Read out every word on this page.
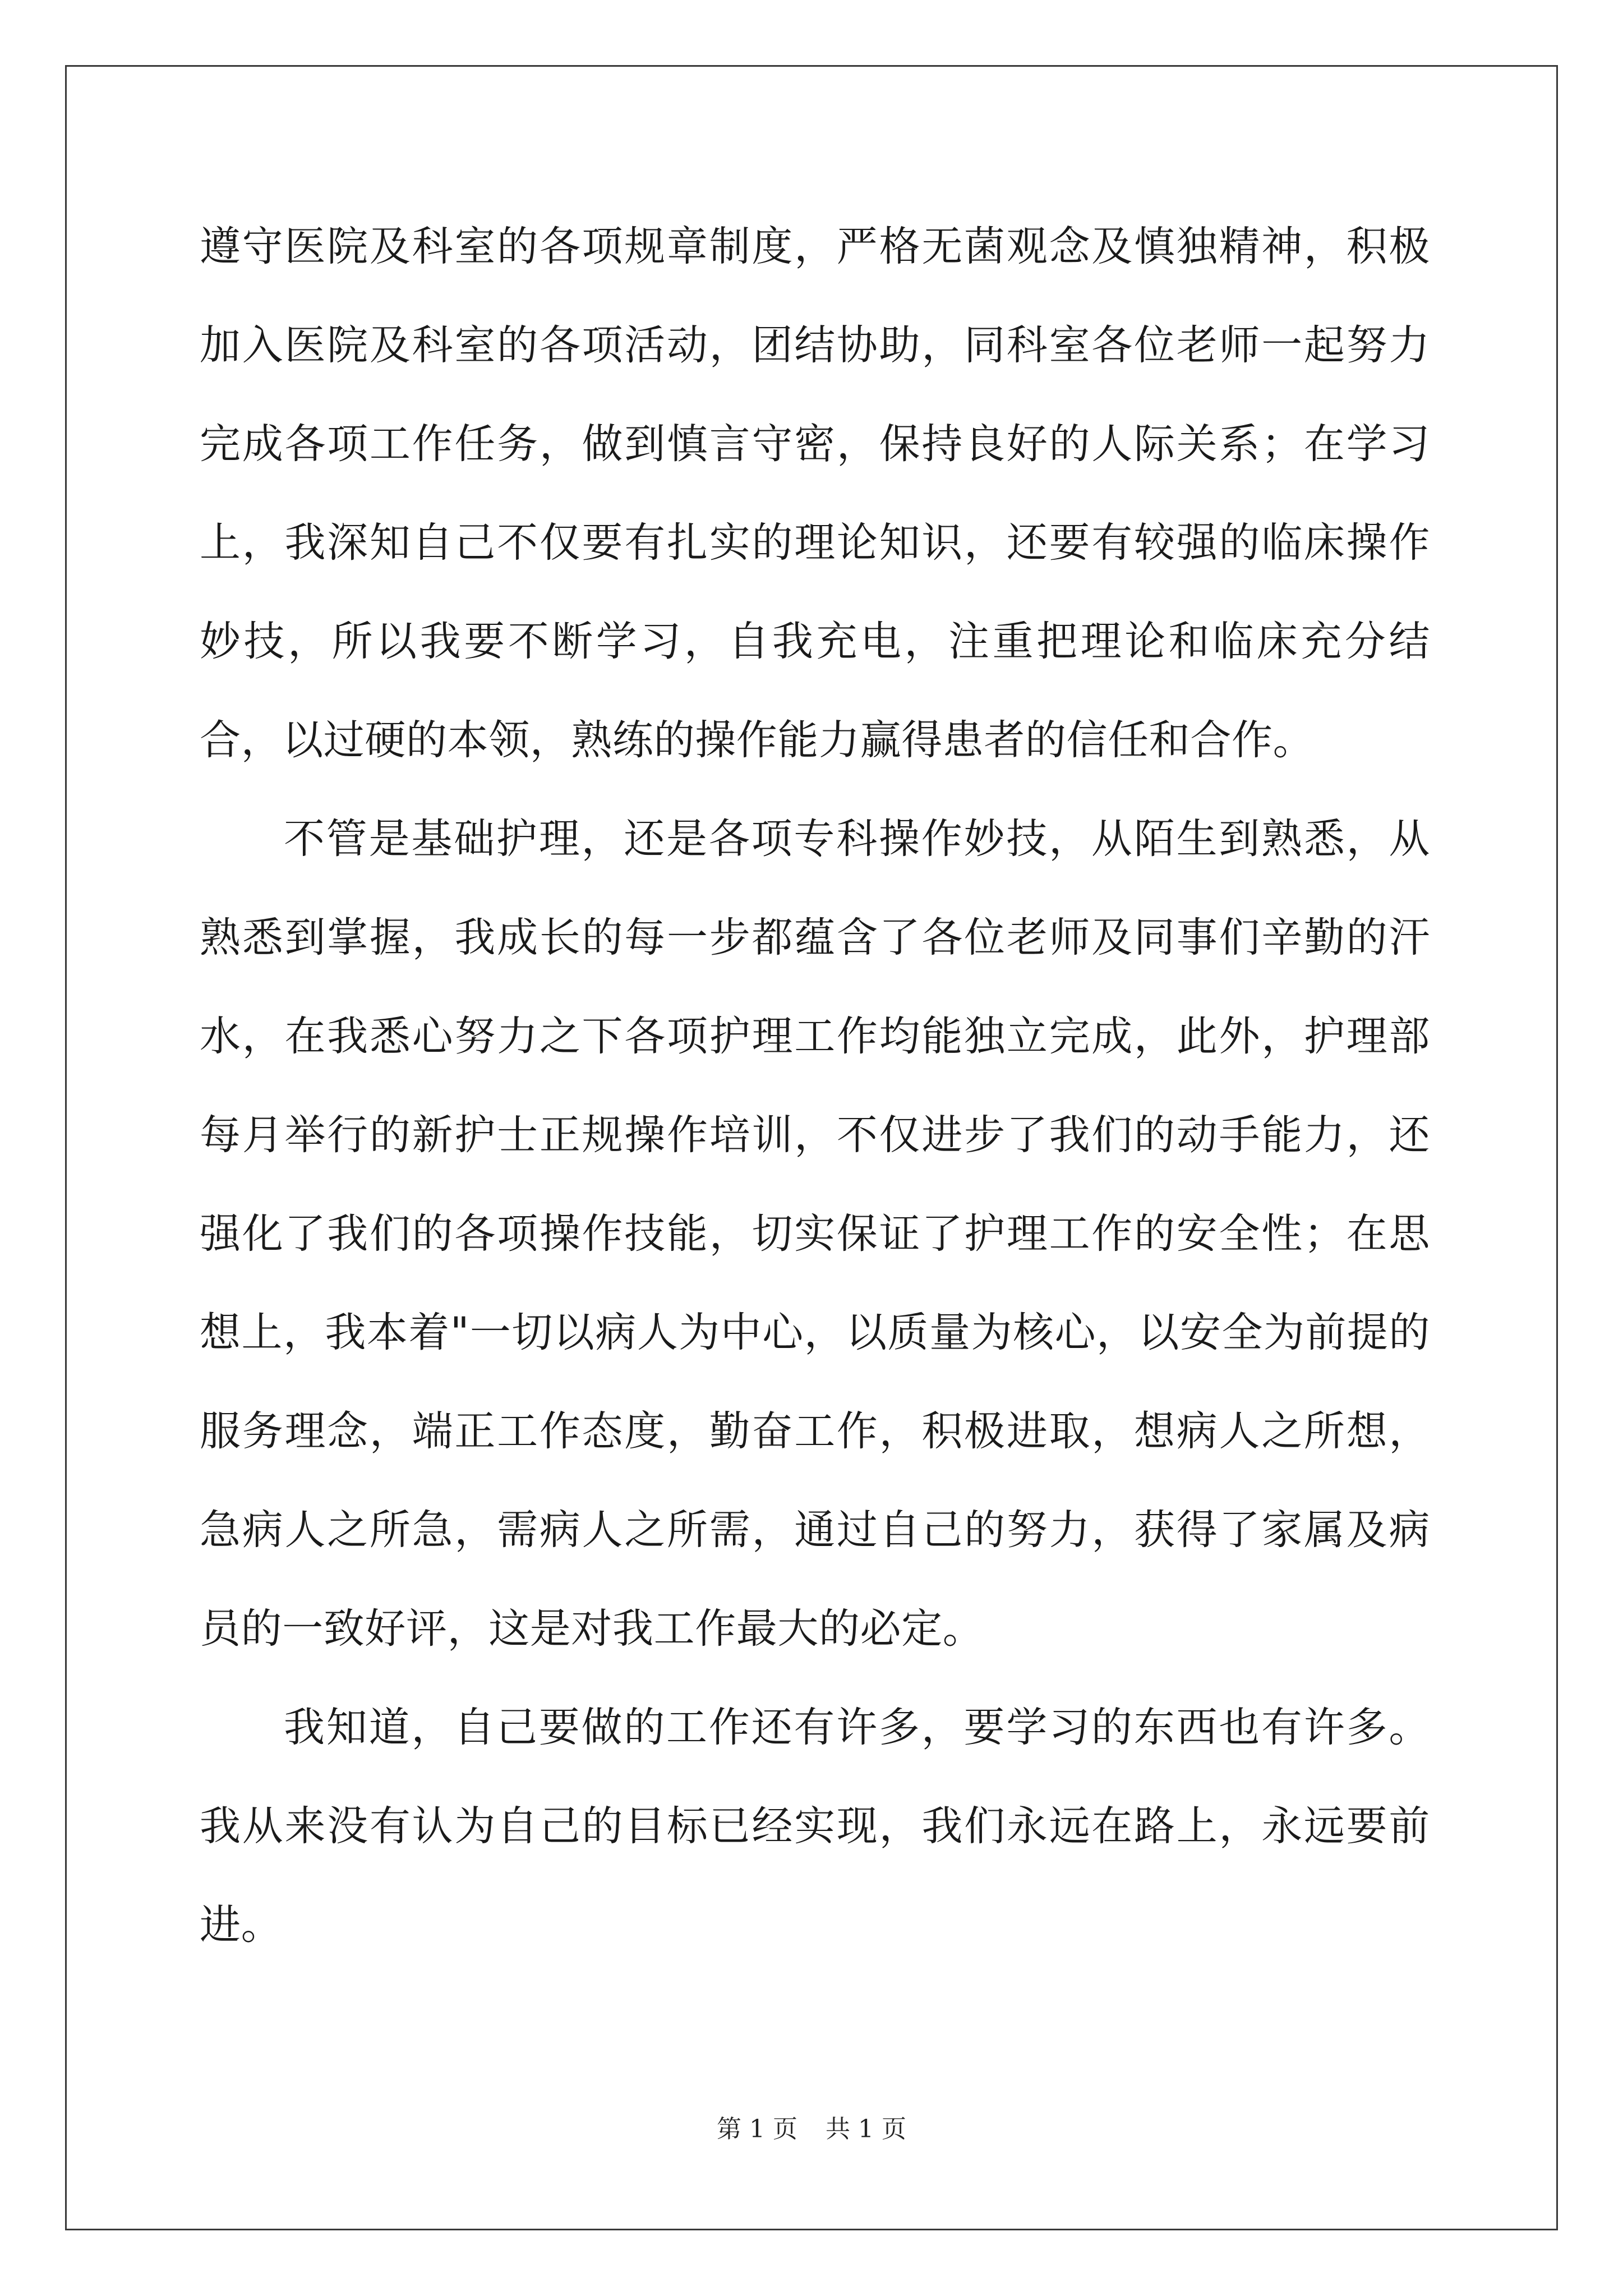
遵守医院及科室的各项规章制度，严格无菌观念及慎独精神，积极加入医院及科室的各项活动，团结协助，同科室各位老师一起努力完成各项工作任务，做到慎言守密，保持良好的人际关系；在学习上，我深知自己不仅要有扎实的理论知识，还要有较强的临床操作妙技，所以我要不断学习，自我充电，注重把理论和临床充分结合，以过硬的本领，熟练的操作能力赢得患者的信任和合作。

不管是基础护理，还是各项专科操作妙技，从陌生到熟悉，从熟悉到掌握，我成长的每一步都蕴含了各位老师及同事们辛勤的汗水，在我悉心努力之下各项护理工作均能独立完成，此外，护理部每月举行的新护士正规操作培训，不仅进步了我们的动手能力，还强化了我们的各项操作技能，切实保证了护理工作的安全性；在思想上，我本着"一切以病人为中心，以质量为核心，以安全为前提的服务理念，端正工作态度，勤奋工作，积极进取，想病人之所想，急病人之所急，需病人之所需，通过自己的努力，获得了家属及病员的一致好评，这是对我工作最大的必定。

我知道，自己要做的工作还有许多，要学习的东西也有许多。我从来没有认为自己的目标已经实现，我们永远在路上，永远要前进。

第 1 页 共 1 页
